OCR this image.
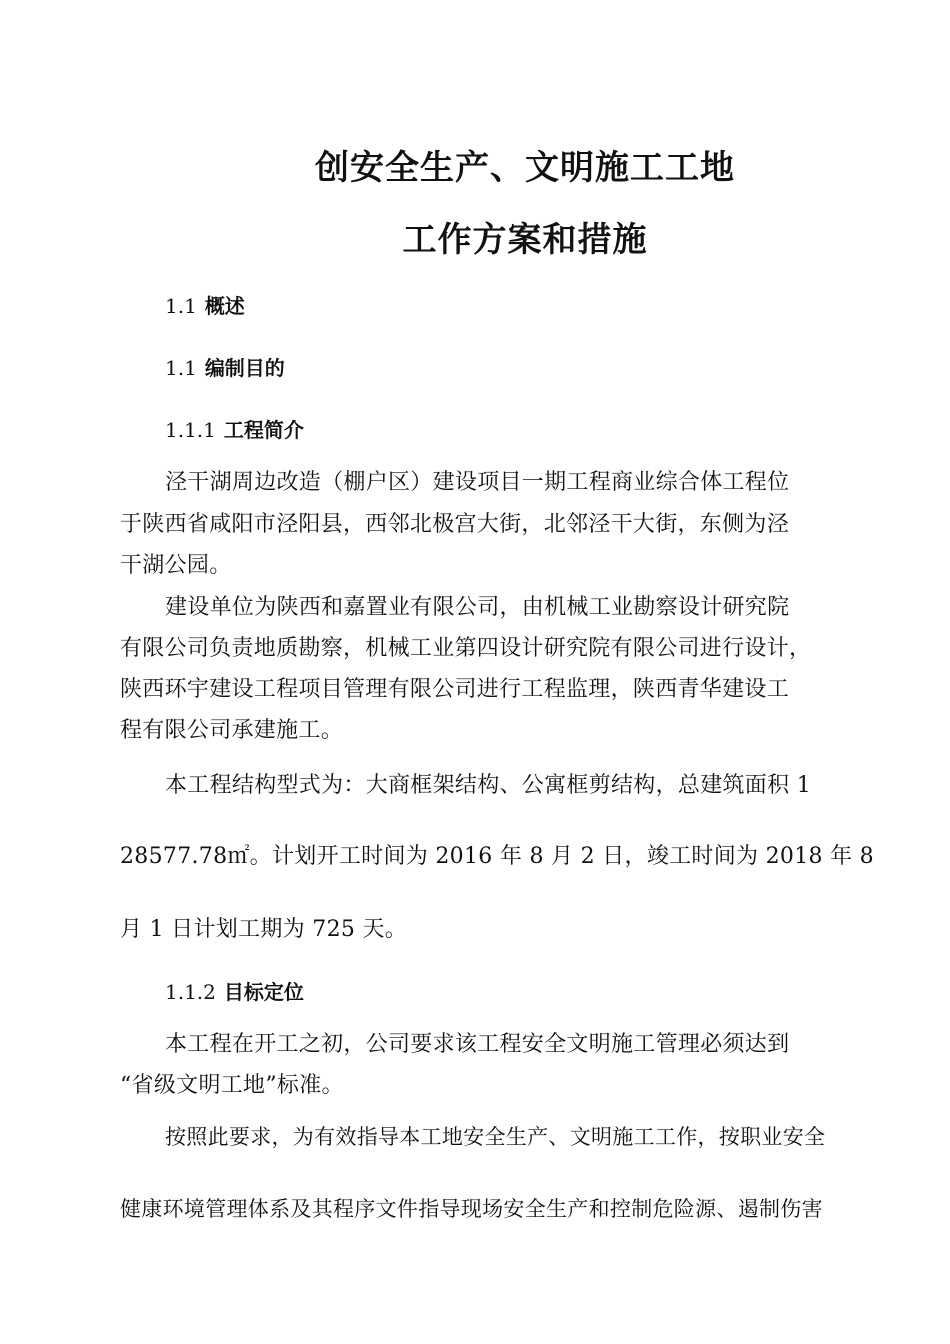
创安全生产、文明施工工地
工作方案和措施
1.1 概述
1.1 编制目的
1.1.1 工程简介
泾干湖周边改造（棚户区）建设项目一期工程商业综合体工程位
于陕西省咸阳市泾阳县，西邻北极宫大街，北邻泾干大街，东侧为泾
干湖公园。
建设单位为陕西和嘉置业有限公司，由机械工业勘察设计研究院
有限公司负责地质勘察，机械工业第四设计研究院有限公司进行设计，
陕西环宇建设工程项目管理有限公司进行工程监理，陕西青华建设工
程有限公司承建施工。
本工程结构型式为：大商框架结构、公寓框剪结构，总建筑面积 1
28577.78㎡。计划开工时间为 2016 年 8 月 2 日，竣工时间为 2018 年 8
月 1 日计划工期为 725 天。
1.1.2 目标定位
本工程在开工之初，公司要求该工程安全文明施工管理必须达到
“省级文明工地”标准。
按照此要求，为有效指导本工地安全生产、文明施工工作，按职业安全
健康环境管理体系及其程序文件指导现场安全生产和控制危险源、遏制伤害
